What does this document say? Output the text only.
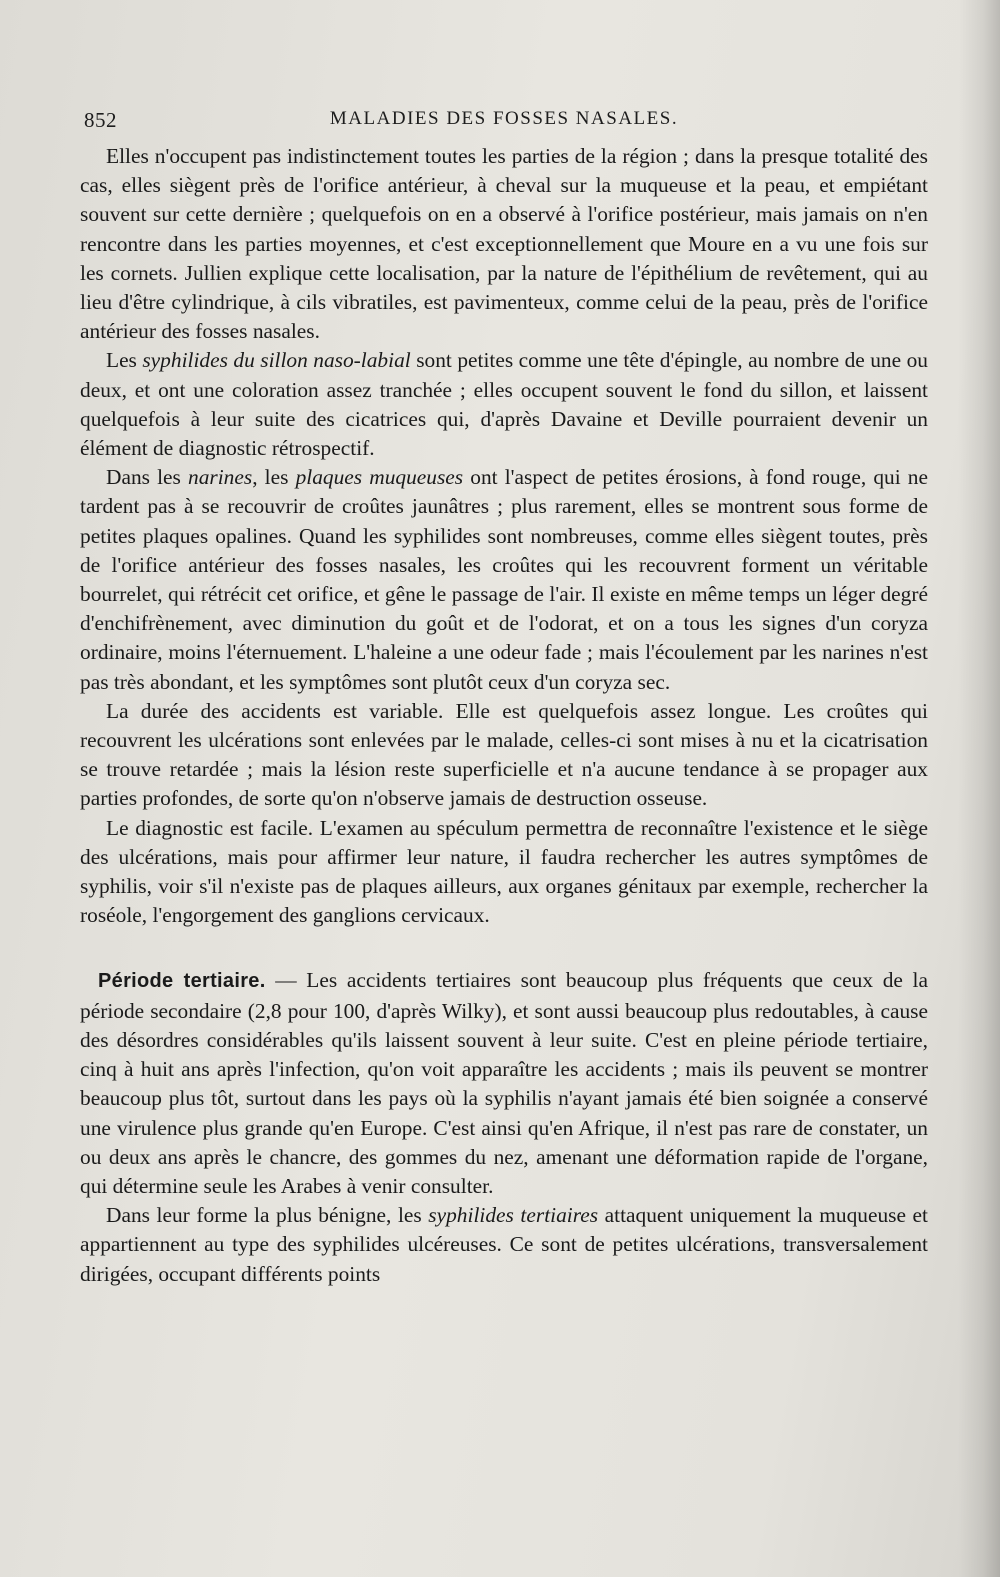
852	MALADIES DES FOSSES NASALES.

Elles n'occupent pas indistinctement toutes les parties de la région ; dans la presque totalité des cas, elles siègent près de l'orifice antérieur, à cheval sur la muqueuse et la peau, et empiétant souvent sur cette dernière ; quelquefois on en a observé à l'orifice postérieur, mais jamais on n'en rencontre dans les parties moyennes, et c'est exceptionnellement que Moure en a vu une fois sur les cornets. Jullien explique cette localisation, par la nature de l'épithélium de revêtement, qui au lieu d'être cylindrique, à cils vibratiles, est pavimenteux, comme celui de la peau, près de l'orifice antérieur des fosses nasales.

Les syphilides du sillon naso-labial sont petites comme une tête d'épingle, au nombre de une ou deux, et ont une coloration assez tranchée ; elles occupent souvent le fond du sillon, et laissent quelquefois à leur suite des cicatrices qui, d'après Davaine et Deville pourraient devenir un élément de diagnostic rétrospectif.

Dans les narines, les plaques muqueuses ont l'aspect de petites érosions, à fond rouge, qui ne tardent pas à se recouvrir de croûtes jaunâtres ; plus rarement, elles se montrent sous forme de petites plaques opalines. Quand les syphilides sont nombreuses, comme elles siègent toutes, près de l'orifice antérieur des fosses nasales, les croûtes qui les recouvrent forment un véritable bourrelet, qui rétrécit cet orifice, et gêne le passage de l'air. Il existe en même temps un léger degré d'enchifrènement, avec diminution du goût et de l'odorat, et on a tous les signes d'un coryza ordinaire, moins l'éternuement. L'haleine a une odeur fade ; mais l'écoulement par les narines n'est pas très abondant, et les symptômes sont plutôt ceux d'un coryza sec.

La durée des accidents est variable. Elle est quelquefois assez longue. Les croûtes qui recouvrent les ulcérations sont enlevées par le malade, celles-ci sont mises à nu et la cicatrisation se trouve retardée ; mais la lésion reste superficielle et n'a aucune tendance à se propager aux parties profondes, de sorte qu'on n'observe jamais de destruction osseuse.

Le diagnostic est facile. L'examen au spéculum permettra de reconnaître l'existence et le siège des ulcérations, mais pour affirmer leur nature, il faudra rechercher les autres symptômes de syphilis, voir s'il n'existe pas de plaques ailleurs, aux organes génitaux par exemple, rechercher la roséole, l'engorgement des ganglions cervicaux.

Période tertiaire. — Les accidents tertiaires sont beaucoup plus fréquents que ceux de la période secondaire (2,8 pour 100, d'après Wilky), et sont aussi beaucoup plus redoutables, à cause des désordres considérables qu'ils laissent souvent à leur suite. C'est en pleine période tertiaire, cinq à huit ans après l'infection, qu'on voit apparaître les accidents ; mais ils peuvent se montrer beaucoup plus tôt, surtout dans les pays où la syphilis n'ayant jamais été bien soignée a conservé une virulence plus grande qu'en Europe. C'est ainsi qu'en Afrique, il n'est pas rare de constater, un ou deux ans après le chancre, des gommes du nez, amenant une déformation rapide de l'organe, qui détermine seule les Arabes à venir consulter.

Dans leur forme la plus bénigne, les syphilides tertiaires attaquent uniquement la muqueuse et appartiennent au type des syphilides ulcéreuses. Ce sont de petites ulcérations, transversalement dirigées, occupant différents points
